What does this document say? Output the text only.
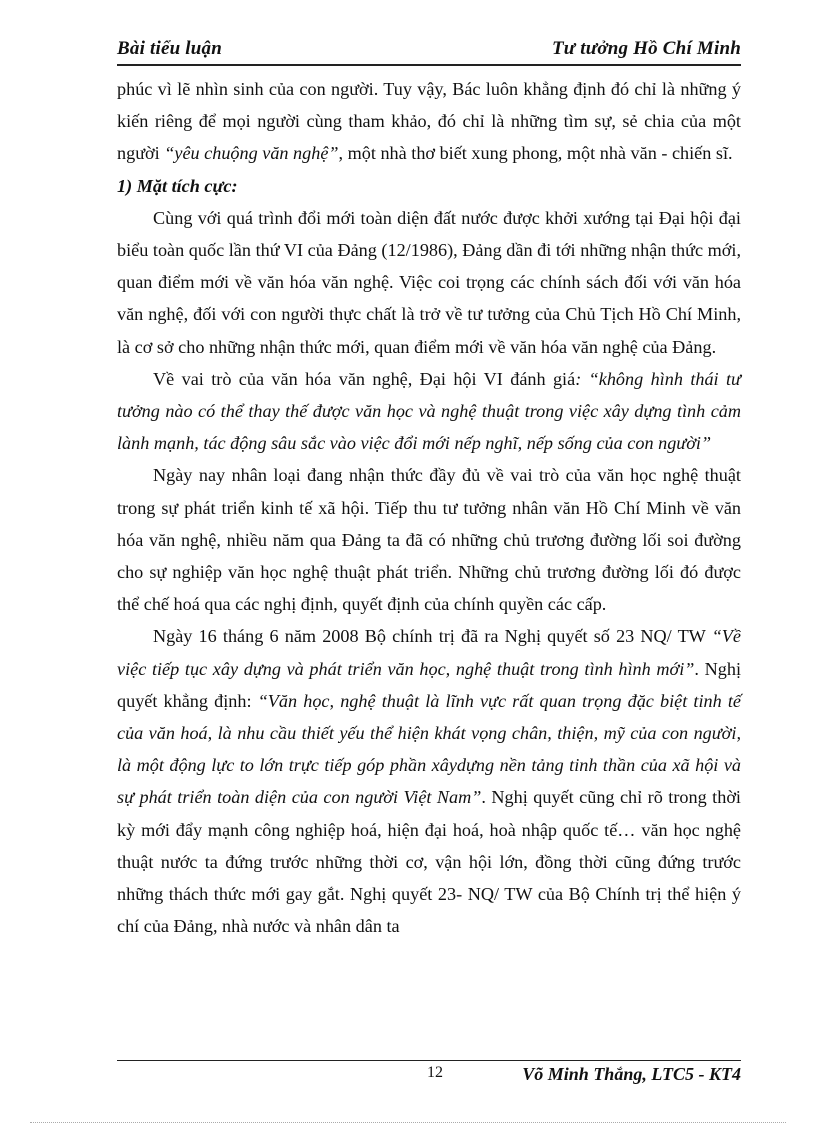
Bài tiểu luận	Tư tưởng Hồ Chí Minh

phúc vì lẽ nhìn sinh của con người. Tuy vậy, Bác luôn khẳng định đó chỉ là những ý kiến riêng để mọi người cùng tham khảo, đó chỉ là những tìm sự, sẻ chia của một người “yêu chuộng văn nghệ”, một nhà thơ biết xung phong, một nhà văn - chiến sĩ.

1) Mặt tích cực:

Cùng với quá trình đổi mới toàn diện đất nước được khởi xướng tại Đại hội đại biểu toàn quốc lần thứ VI của Đảng (12/1986), Đảng dần đi tới những nhận thức mới, quan điểm mới về văn hóa văn nghệ. Việc coi trọng các chính sách đối với văn hóa văn nghệ, đối với con người thực chất là trở về tư tưởng của Chủ Tịch Hồ Chí Minh, là cơ sở cho những nhận thức mới, quan điểm mới về văn hóa văn nghệ của Đảng.

Về vai trò của văn hóa văn nghệ, Đại hội VI đánh giá: “không hình thái tư tưởng nào có thể thay thế được văn học và nghệ thuật trong việc xây dựng tình cảm lành mạnh, tác động sâu sắc vào việc đổi mới nếp nghĩ, nếp sống của con người”

Ngày nay nhân loại đang nhận thức đầy đủ về vai trò của văn học nghệ thuật trong sự phát triển kinh tế xã hội. Tiếp thu tư tưởng nhân văn Hồ Chí Minh về văn hóa văn nghệ, nhiều năm qua Đảng ta đã có những chủ trương đường lối soi đường cho sự nghiệp văn học nghệ thuật phát triển. Những chủ trương đường lối đó được thể chế hoá qua các nghị định, quyết định của chính quyền các cấp.

Ngày 16 tháng 6 năm 2008 Bộ chính trị đã ra Nghị quyết số 23 NQ/ TW “Về việc tiếp tục xây dựng và phát triển văn học, nghệ thuật trong tình hình mới”. Nghị quyết khẳng định: “Văn học, nghệ thuật là lĩnh vực rất quan trọng đặc biệt tinh tế của văn hoá, là nhu cầu thiết yếu thể hiện khát vọng chân, thiện, mỹ của con người, là một động lực to lớn trực tiếp góp phần xâydựng nền tảng tinh thần của xã hội và sự phát triển toàn diện của con người Việt Nam”. Nghị quyết cũng chỉ rõ trong thời kỳ mới đẩy mạnh công nghiệp hoá, hiện đại hoá, hoà nhập quốc tế… văn học nghệ thuật nước ta đứng trước những thời cơ, vận hội lớn, đồng thời cũng đứng trước những thách thức mới gay gắt. Nghị quyết 23- NQ/ TW của Bộ Chính trị thể hiện ý chí của Đảng, nhà nước và nhân dân ta

12	Võ Minh Thắng, LTC5 - KT4
